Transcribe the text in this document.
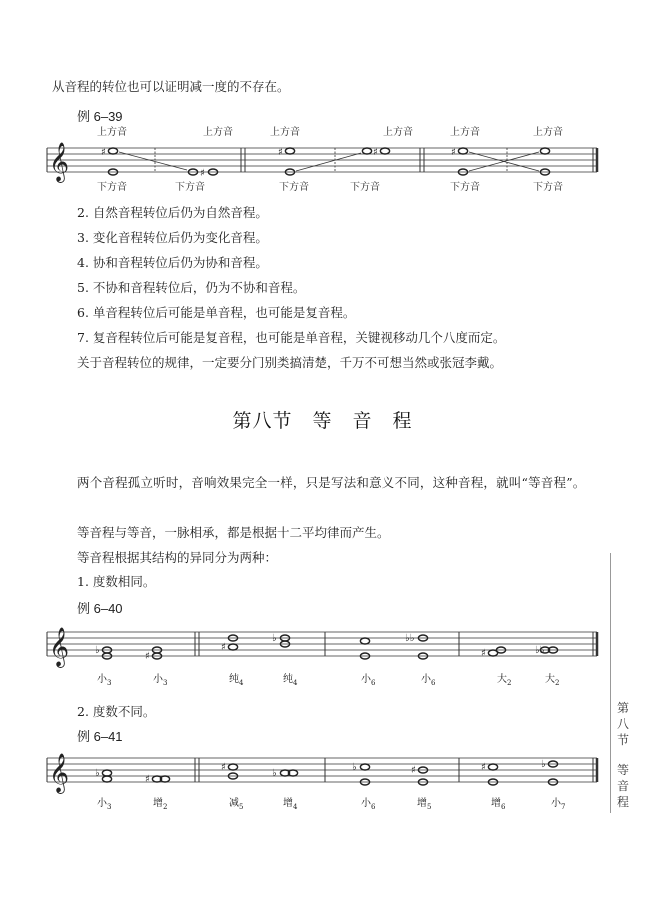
从音程的转位也可以证明减一度的不存在。

例 6–39
上方音	上方音	上方音	上方音	上方音	上方音
下方音	下方音	下方音	下方音	下方音	下方音
𝄞	♯
♯
♯	♯	♯

2. 自然音程转位后仍为自然音程。

3. 变化音程转位后仍为变化音程。

4. 协和音程转位后仍为协和音程。

5. 不协和音程转位后，仍为不协和音程。

6. 单音程转位后可能是单音程，也可能是复音程。

7. 复音程转位后可能是复音程，也可能是单音程，关键视移动几个八度而定。

关于音程转位的规律，一定要分门别类搞清楚，千万不可想当然或张冠李戴。

第八节　等　音　程

两个音程孤立听时，音响效果完全一样，只是写法和意义不同，这种音程，就叫“等音程”。

等音程与等音，一脉相承，都是根据十二平均律而产生。

等音程根据其结构的异同分为两种：

1. 度数相同。

例 6–40
𝄞	♭
♯
♯
♭	♭♭
♯	♭♭
小$_3$	小$_3$	纯$_4$	纯$_4$	小$_6$	小$_6$	大$_2$	大$_2$

2. 度数不同。

例 6–41
𝄞	♭
♯
♯
♭
♭	♯	♯	♭
小$_3$	增$_2$	减$_5$	增$_4$	小$_6$	增$_5$	增$_6$	小$_7$
第
八
节
等
音
程
